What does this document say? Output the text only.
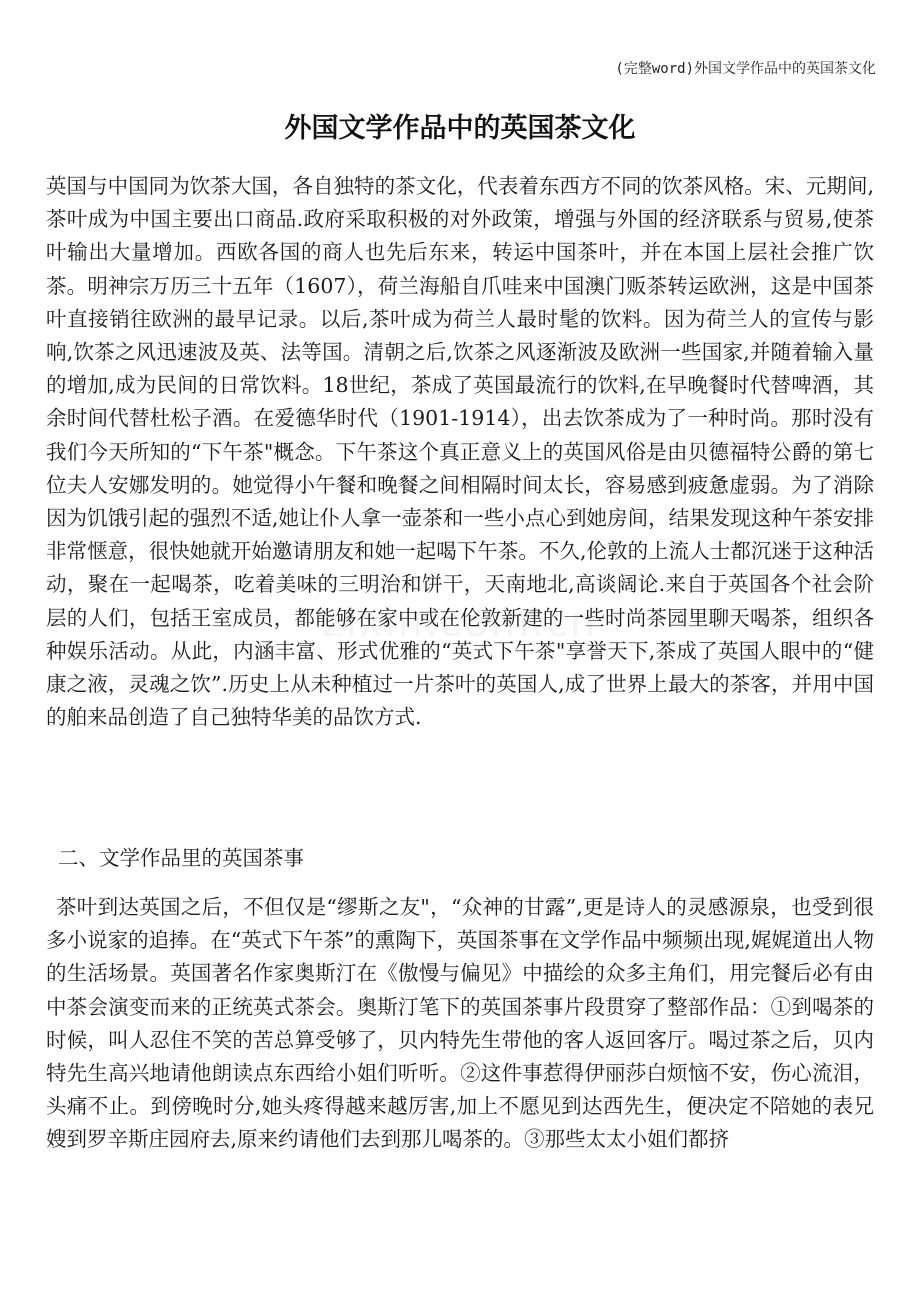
(完整word)外国文学作品中的英国茶文化
外国文学作品中的英国茶文化

英国与中国同为饮茶大国，各自独特的茶文化，代表着东西方不同的饮茶风格。宋、元期间,茶叶成为中国主要出口商品.政府采取积极的对外政策，增强与外国的经济联系与贸易,使茶叶输出大量增加。西欧各国的商人也先后东来，转运中国茶叶，并在本国上层社会推广饮茶。明神宗万历三十五年（1607），荷兰海船自爪哇来中国澳门贩茶转运欧洲，这是中国茶叶直接销往欧洲的最早记录。以后,茶叶成为荷兰人最时髦的饮料。因为荷兰人的宣传与影响,饮茶之风迅速波及英、法等国。清朝之后,饮茶之风逐渐波及欧洲一些国家,并随着输入量的增加,成为民间的日常饮料。18世纪，茶成了英国最流行的饮料,在早晚餐时代替啤酒，其余时间代替杜松子酒。在爱德华时代（1901-1914），出去饮茶成为了一种时尚。那时没有我们今天所知的“下午茶"概念。下午茶这个真正意义上的英国风俗是由贝德福特公爵的第七位夫人安娜发明的。她觉得小午餐和晚餐之间相隔时间太长，容易感到疲惫虚弱。为了消除因为饥饿引起的强烈不适,她让仆人拿一壶茶和一些小点心到她房间，结果发现这种午茶安排非常惬意，很快她就开始邀请朋友和她一起喝下午茶。不久,伦敦的上流人士都沉迷于这种活动，聚在一起喝茶，吃着美味的三明治和饼干，天南地北,高谈阔论.来自于英国各个社会阶层的人们，包括王室成员，都能够在家中或在伦敦新建的一些时尚茶园里聊天喝茶，组织各种娱乐活动。从此，内涵丰富、形式优雅的“英式下午茶"享誉天下,茶成了英国人眼中的“健康之液，灵魂之饮”.历史上从未种植过一片茶叶的英国人,成了世界上最大的茶客，并用中国的舶来品创造了自己独特华美的品饮方式.

二、文学作品里的英国茶事

茶叶到达英国之后，不但仅是“缪斯之友"，“众神的甘露”,更是诗人的灵感源泉，也受到很多小说家的追捧。在“英式下午茶”的熏陶下，英国茶事在文学作品中频频出现,娓娓道出人物的生活场景。英国著名作家奥斯汀在《傲慢与偏见》中描绘的众多主角们，用完餐后必有由中茶会演变而来的正统英式茶会。奥斯汀笔下的英国茶事片段贯穿了整部作品：①到喝茶的时候，叫人忍住不笑的苦总算受够了，贝内特先生带他的客人返回客厅。喝过茶之后，贝内特先生高兴地请他朗读点东西给小姐们听听。②这件事惹得伊丽莎白烦恼不安，伤心流泪，头痛不止。到傍晚时分,她头疼得越来越厉害,加上不愿见到达西先生，便决定不陪她的表兄嫂到罗辛斯庄园府去,原来约请他们去到那儿喝茶的。③那些太太小姐们都挤
